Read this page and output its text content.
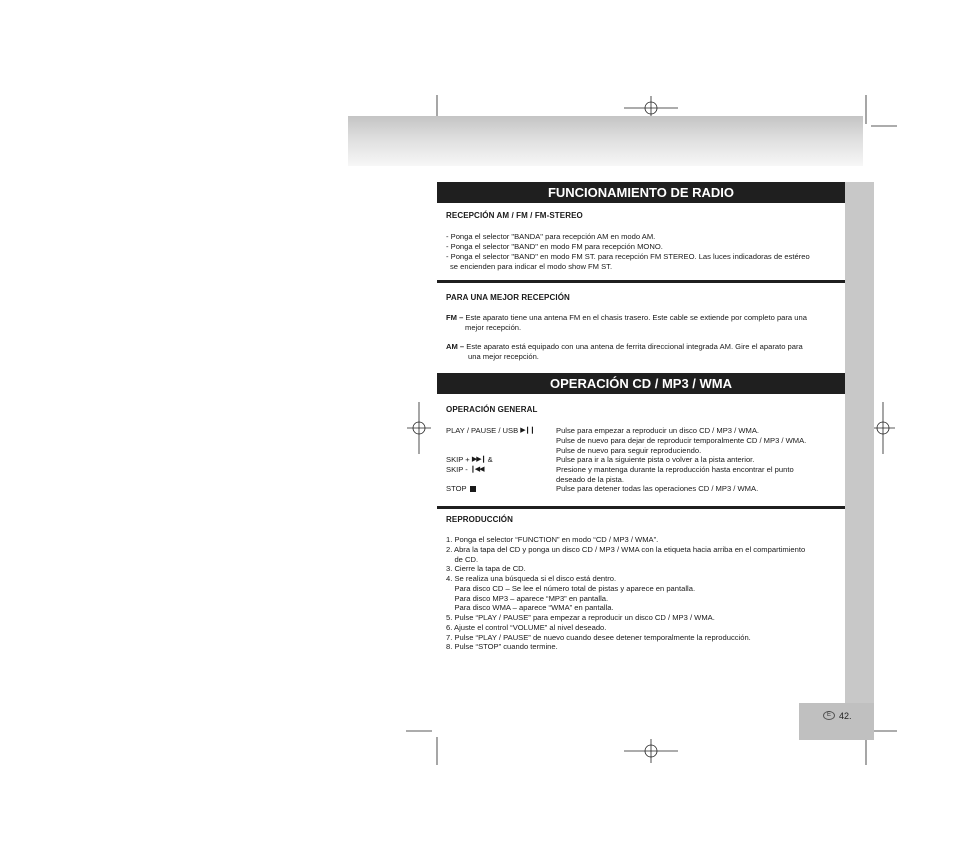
E 42.
FUNCIONAMIENTO DE RADIO
RECEPCIÓN AM / FM / FM-STEREO
- Ponga el selector "BANDA" para recepción AM en modo AM.
- Ponga el selector "BAND" en modo FM para recepción MONO.
- Ponga el selector "BAND" en modo FM ST. para recepción FM STEREO. Las luces indicadoras de estéreo
se encienden para indicar el modo show FM ST.
PARA UNA MEJOR RECEPCIÓN
FM – Este aparato tiene una antena FM en el chasis trasero. Este cable se extiende por completo para una
mejor recepción.
AM – Este aparato está equipado con una antena de ferrita direccional integrada AM. Gire el aparato para
una mejor recepción.
OPERACIÓN CD / MP3 / WMA
OPERACIÓN GENERAL
PLAY / PAUSE / USB ▶❙❙	Pulse para empezar a reproducir un disco CD / MP3 / WMA.
Pulse de nuevo para dejar de reproducir temporalmente CD / MP3 / WMA.
Pulse de nuevo para seguir reproduciendo.
SKIP + ▶▶❙ &
SKIP - ❙◀◀
Pulse para ir a la siguiente pista o volver a la pista anterior.
Presione y mantenga durante la reproducción hasta encontrar el punto
deseado de la pista.
STOP	Pulse para detener todas las operaciones CD / MP3 / WMA.
REPRODUCCIÓN
1. Ponga el selector “FUNCTION” en modo “CD / MP3 / WMA”.
2. Abra la tapa del CD y ponga un disco CD / MP3 / WMA con la etiqueta hacia arriba en el compartimiento
de CD.
3. Cierre la tapa de CD.
4. Se realiza una búsqueda si el disco está dentro.
Para disco CD – Se lee el número total de pistas y aparece en pantalla.
Para disco MP3 – aparece “MP3” en pantalla.
Para disco WMA – aparece “WMA” en pantalla.
5. Pulse “PLAY / PAUSE” para empezar a reproducir un disco CD / MP3 / WMA.
6. Ajuste el control “VOLUME” al nivel deseado.
7. Pulse “PLAY / PAUSE” de nuevo cuando desee detener temporalmente la reproducción.
8. Pulse “STOP” cuando termine.
